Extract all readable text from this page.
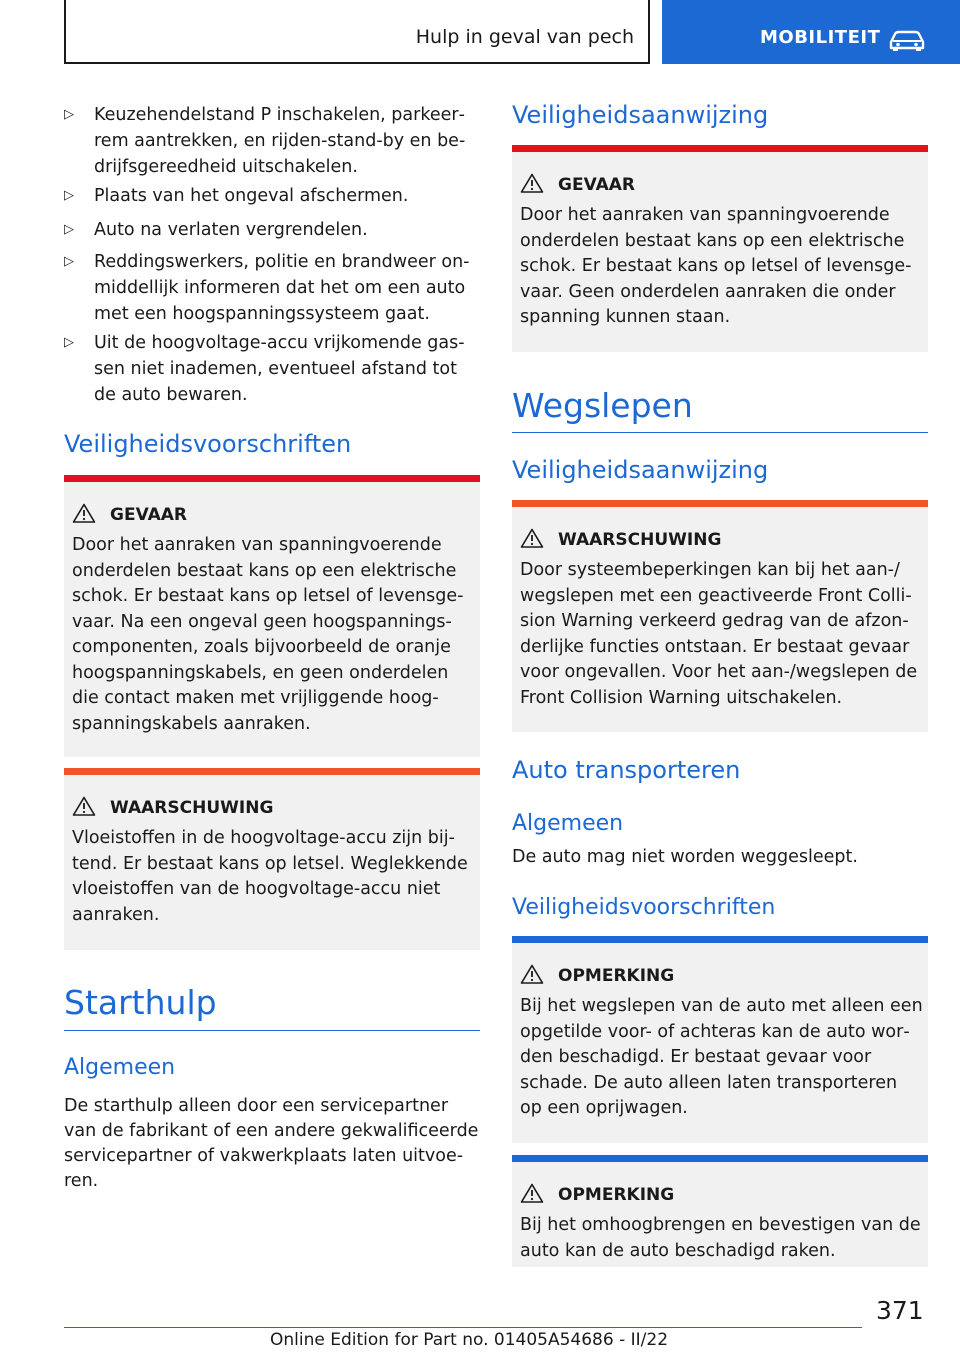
Hulp in geval van pech	MOBILITEIT
▷ Keuzehendelstand P inschakelen, parkeerrem aantrekken, en rijden-stand-by en bedrijfsgereedheid uitschakelen.
▷ Plaats van het ongeval afschermen.
▷ Auto na verlaten vergrendelen.
▷ Reddingswerkers, politie en brandweer onmiddellijk informeren dat het om een auto met een hoogspanningssysteem gaat.
▷ Uit de hoogvoltage-accu vrijkomende gassen niet inademen, eventueel afstand tot de auto bewaren.
Veiligheidsvoorschriften
GEVAAR
Door het aanraken van spanningvoerende onderdelen bestaat kans op een elektrische schok. Er bestaat kans op letsel of levensgevaar. Na een ongeval geen hoogspanningscomponenten, zoals bijvoorbeeld de oranje hoogspanningskabels, en geen onderdelen die contact maken met vrijliggende hoogspanningskabels aanraken.
WAARSCHUWING
Vloeistoffen in de hoogvoltage-accu zijn bijtend. Er bestaat kans op letsel. Weglekkende vloeistoffen van de hoogvoltage-accu niet aanraken.
Starthulp
Algemeen
De starthulp alleen door een servicepartner van de fabrikant of een andere gekwalificeerde servicepartner of vakwerkplaats laten uitvoeren.
Veiligheidsaanwijzing
GEVAAR
Door het aanraken van spanningvoerende onderdelen bestaat kans op een elektrische schok. Er bestaat kans op letsel of levensgevaar. Geen onderdelen aanraken die onder spanning kunnen staan.
Wegslepen
Veiligheidsaanwijzing
WAARSCHUWING
Door systeembeperkingen kan bij het aan-/ wegslepen met een geactiveerde Front Collision Warning verkeerd gedrag van de afzonderlijke functies ontstaan. Er bestaat gevaar voor ongevallen. Voor het aan-/wegslepen de Front Collision Warning uitschakelen.
Auto transporteren
Algemeen
De auto mag niet worden weggesleept.
Veiligheidsvoorschriften
OPMERKING
Bij het wegslepen van de auto met alleen een opgetilde voor- of achteras kan de auto worden beschadigd. Er bestaat gevaar voor schade. De auto alleen laten transporteren op een oprijwagen.
OPMERKING
Bij het omhoogbrengen en bevestigen van de auto kan de auto beschadigd raken.
371
Online Edition for Part no. 01405A54686 - II/22
